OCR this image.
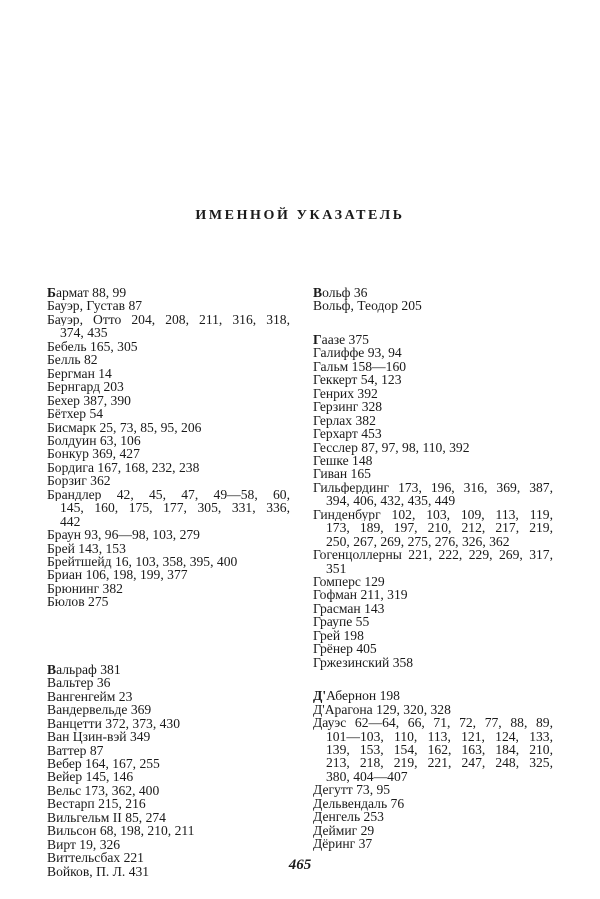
ИМЕННОЙ УКАЗАТЕЛЬ
Бармат 88, 99
Бауэр, Густав 87
Бауэр, Отто 204, 208, 211, 316, 318,
374, 435
Бебель 165, 305
Белль 82
Бергман 14
Бернгард 203
Бехер 387, 390
Бётхер 54
Бисмарк 25, 73, 85, 95, 206
Болдуин 63, 106
Бонкур 369, 427
Бордига 167, 168, 232, 238
Борзиг 362
Брандлер 42, 45, 47, 49—58, 60,
145, 160, 175, 177, 305, 331, 336,
442
Браун 93, 96—98, 103, 279
Брей 143, 153
Брейтшейд 16, 103, 358, 395, 400
Бриан 106, 198, 199, 377
Брюнинг 382
Бюлов 275
Вальраф 381
Вальтер 36
Вангенгейм 23
Вандервельде 369
Ванцетти 372, 373, 430
Ван Цзин-вэй 349
Ваттер 87
Вебер 164, 167, 255
Вейер 145, 146
Вельс 173, 362, 400
Вестарп 215, 216
Вильгельм II 85, 274
Вильсон 68, 198, 210, 211
Вирт 19, 326
Виттельсбах 221
Войков, П. Л. 431
Вольф 36
Вольф, Теодор 205
Гаазе 375
Галиффе 93, 94
Гальм 158—160
Геккерт 54, 123
Генрих 392
Герзинг 328
Герлах 382
Герхарт 453
Гесслер 87, 97, 98, 110, 392
Гешке 148
Гиван 165
Гильфердинг 173, 196, 316, 369, 387,
394, 406, 432, 435, 449
Гинденбург 102, 103, 109, 113, 119,
173, 189, 197, 210, 212, 217, 219,
250, 267, 269, 275, 276, 326, 362
Гогенцоллерны 221, 222, 229, 269, 317,
351
Гомперс 129
Гофман 211, 319
Грасман 143
Граупе 55
Грей 198
Грёнер 405
Гржезинский 358
Д'Абернон 198
Д'Арагона 129, 320, 328
Дауэс 62—64, 66, 71, 72, 77, 88, 89,
101—103, 110, 113, 121, 124, 133,
139, 153, 154, 162, 163, 184, 210,
213, 218, 219, 221, 247, 248, 325,
380, 404—407
Дегутт 73, 95
Дельвендаль 76
Денгель 253
Деймиг 29
Дёринг 37
465
